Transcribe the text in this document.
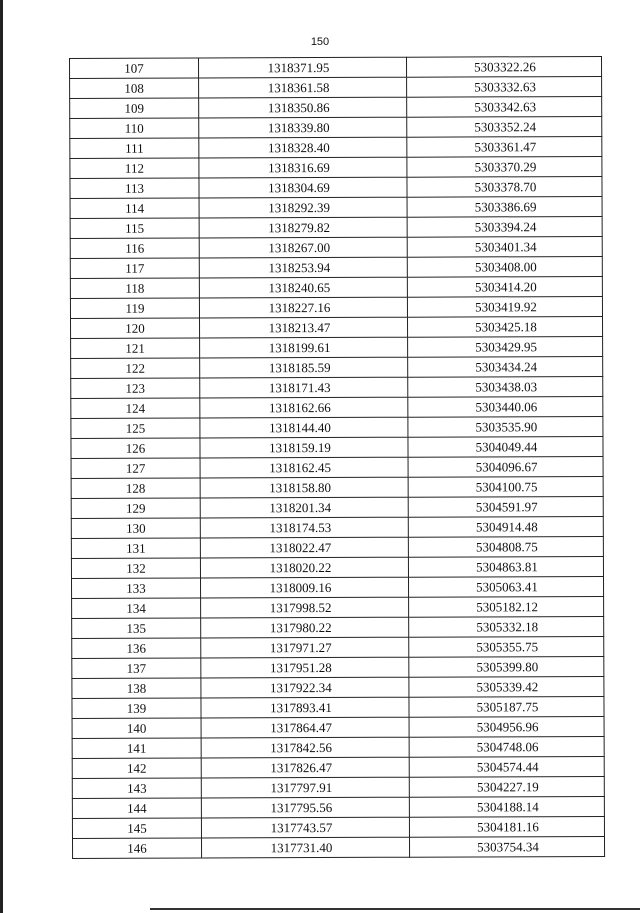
150
107	1318371.95	5303322.26
108	1318361.58	5303332.63
109	1318350.86	5303342.63
110	1318339.80	5303352.24
111	1318328.40	5303361.47
112	1318316.69	5303370.29
113	1318304.69	5303378.70
114	1318292.39	5303386.69
115	1318279.82	5303394.24
116	1318267.00	5303401.34
117	1318253.94	5303408.00
118	1318240.65	5303414.20
119	1318227.16	5303419.92
120	1318213.47	5303425.18
121	1318199.61	5303429.95
122	1318185.59	5303434.24
123	1318171.43	5303438.03
124	1318162.66	5303440.06
125	1318144.40	5303535.90
126	1318159.19	5304049.44
127	1318162.45	5304096.67
128	1318158.80	5304100.75
129	1318201.34	5304591.97
130	1318174.53	5304914.48
131	1318022.47	5304808.75
132	1318020.22	5304863.81
133	1318009.16	5305063.41
134	1317998.52	5305182.12
135	1317980.22	5305332.18
136	1317971.27	5305355.75
137	1317951.28	5305399.80
138	1317922.34	5305339.42
139	1317893.41	5305187.75
140	1317864.47	5304956.96
141	1317842.56	5304748.06
142	1317826.47	5304574.44
143	1317797.91	5304227.19
144	1317795.56	5304188.14
145	1317743.57	5304181.16
146	1317731.40	5303754.34
